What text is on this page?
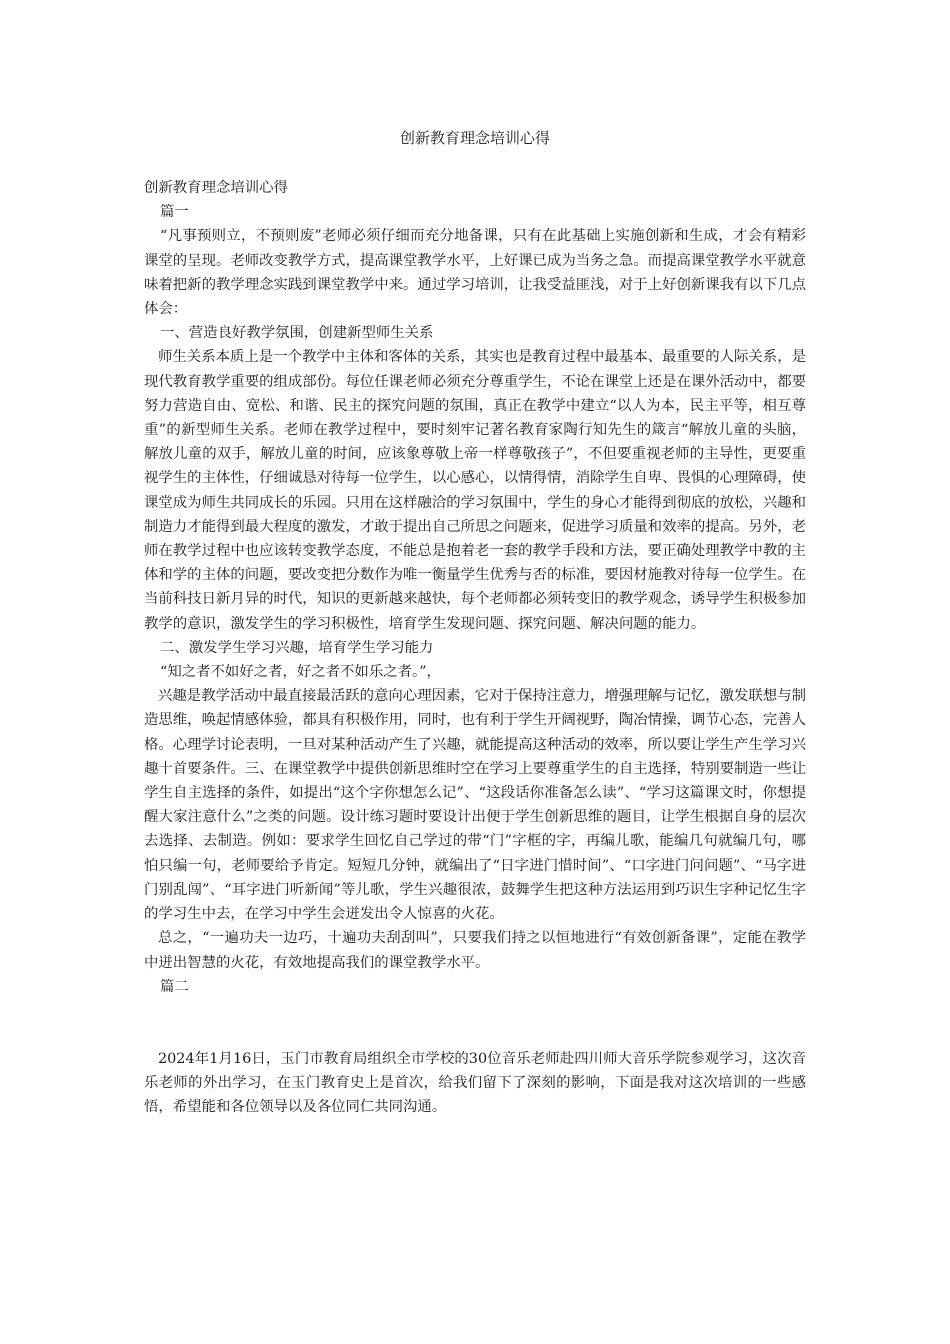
创新教育理念培训心得

创新教育理念培训心得

篇一

“凡事预则立，不预则废”老师必须仔细而充分地备课，只有在此基础上实施创新和生成，才会有精彩课堂的呈现。老师改变教学方式，提高课堂教学水平，上好课已成为当务之急。而提高课堂教学水平就意味着把新的教学理念实践到课堂教学中来。通过学习培训，让我受益匪浅，对于上好创新课我有以下几点体会：

一、营造良好教学氛围，创建新型师生关系

师生关系本质上是一个教学中主体和客体的关系，其实也是教育过程中最基本、最重要的人际关系，是现代教育教学重要的组成部份。每位任课老师必须充分尊重学生，不论在课堂上还是在课外活动中，都要努力营造自由、宽松、和谐、民主的探究问题的氛围，真正在教学中建立“以人为本，民主平等，相互尊重”的新型师生关系。老师在教学过程中，要时刻牢记著名教育家陶行知先生的箴言“解放儿童的头脑，解放儿童的双手，解放儿童的时间，应该象尊敬上帝一样尊敬孩子”，不但要重视老师的主导性，更要重视学生的主体性，仔细诚恳对待每一位学生，以心感心，以情得情，消除学生自卑、畏惧的心理障碍，使课堂成为师生共同成长的乐园。只用在这样融洽的学习氛围中，学生的身心才能得到彻底的放松，兴趣和制造力才能得到最大程度的激发，才敢于提出自己所思之问题来，促进学习质量和效率的提高。另外，老师在教学过程中也应该转变教学态度，不能总是抱着老一套的教学手段和方法，要正确处理教学中教的主体和学的主体的问题，要改变把分数作为唯一衡量学生优秀与否的标准，要因材施教对待每一位学生。在当前科技日新月异的时代，知识的更新越来越快，每个老师都必须转变旧的教学观念，诱导学生积极参加教学的意识，激发学生的学习积极性，培育学生发现问题、探究问题、解决问题的能力。

二、激发学生学习兴趣，培育学生学习能力

“知之者不如好之者，好之者不如乐之者。”，

兴趣是教学活动中最直接最活跃的意向心理因素，它对于保持注意力，增强理解与记忆，激发联想与制造思维，唤起情感体验，都具有积极作用，同时，也有利于学生开阔视野，陶冶情操，调节心态，完善人格。心理学讨论表明，一旦对某种活动产生了兴趣，就能提高这种活动的效率，所以要让学生产生学习兴趣十首要条件。三、在课堂教学中提供创新思维时空在学习上要尊重学生的自主选择，特别要制造一些让学生自主选择的条件，如提出“这个字你想怎么记”、“这段话你准备怎么读”、“学习这篇课文时，你想提醒大家注意什么”之类的问题。设计练习题时要设计出便于学生创新思维的题目，让学生根据自身的层次去选择、去制造。例如：要求学生回忆自己学过的带“门”字框的字，再编儿歌，能编几句就编几句，哪怕只编一句，老师要给予肯定。短短几分钟，就编出了“日字进门惜时间”、“口字进门问问题”、“马字进门别乱闯”、“耳字进门听新闻”等儿歌，学生兴趣很浓，鼓舞学生把这种方法运用到巧识生字种记忆生字的学习生中去，在学习中学生会迸发出令人惊喜的火花。

总之，“一遍功夫一边巧，十遍功夫刮刮叫”，只要我们持之以恒地进行“有效创新备课”，定能在教学中迸出智慧的火花，有效地提高我们的课堂教学水平。

篇二

2024年1月16日，玉门市教育局组织全市学校的30位音乐老师赴四川师大音乐学院参观学习，这次音乐老师的外出学习，在玉门教育史上是首次，给我们留下了深刻的影响，下面是我对这次培训的一些感悟，希望能和各位领导以及各位同仁共同沟通。
